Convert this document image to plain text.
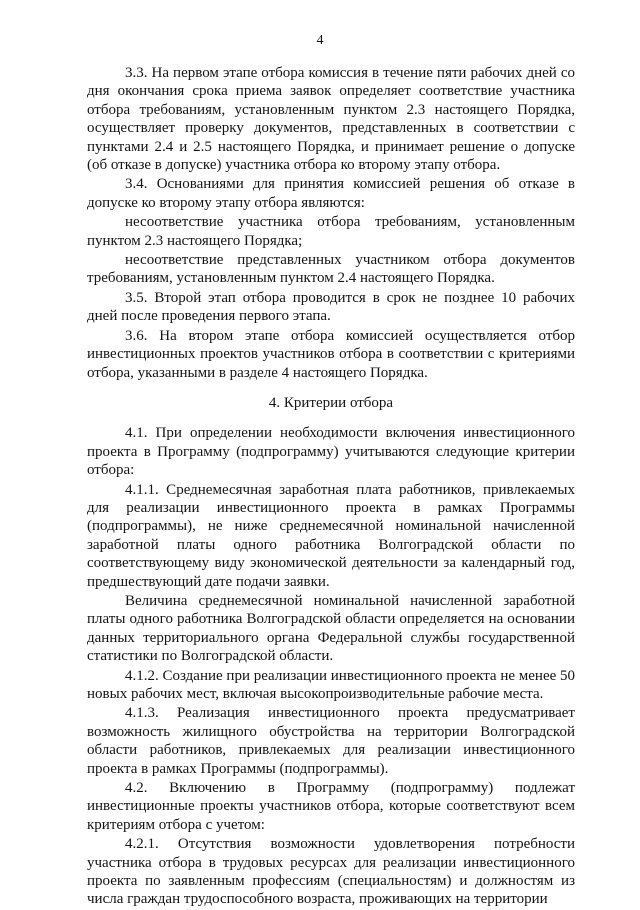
4

3.3. На первом этапе отбора комиссия в течение пяти рабочих дней со дня окончания срока приема заявок определяет соответствие участника отбора требованиям, установленным пунктом 2.3 настоящего Порядка, осуществляет проверку документов, представленных в соответствии с пунктами 2.4 и 2.5 настоящего Порядка, и принимает решение о допуске (об отказе в допуске) участника отбора ко второму этапу отбора.

3.4. Основаниями для принятия комиссией решения об отказе в допуске ко второму этапу отбора являются:

несоответствие участника отбора требованиям, установленным пунктом 2.3 настоящего Порядка;

несоответствие представленных участником отбора документов требованиям, установленным пунктом 2.4 настоящего Порядка.

3.5. Второй этап отбора проводится в срок не позднее 10 рабочих дней после проведения первого этапа.

3.6. На втором этапе отбора комиссией осуществляется отбор инвестиционных проектов участников отбора в соответствии с критериями отбора, указанными в разделе 4 настоящего Порядка.

4. Критерии отбора

4.1. При определении необходимости включения инвестиционного проекта в Программу (подпрограмму) учитываются следующие критерии отбора:

4.1.1. Среднемесячная заработная плата работников, привлекаемых для реализации инвестиционного проекта в рамках Программы (подпрограммы), не ниже среднемесячной номинальной начисленной заработной платы одного работника Волгоградской области по соответствующему виду экономической деятельности за календарный год, предшествующий дате подачи заявки.

Величина среднемесячной номинальной начисленной заработной платы одного работника Волгоградской области определяется на основании данных территориального органа Федеральной службы государственной статистики по Волгоградской области.

4.1.2. Создание при реализации инвестиционного проекта не менее 50 новых рабочих мест, включая высокопроизводительные рабочие места.

4.1.3. Реализация инвестиционного проекта предусматривает возможность жилищного обустройства на территории Волгоградской области работников, привлекаемых для реализации инвестиционного проекта в рамках Программы (подпрограммы).

4.2. Включению в Программу (подпрограмму) подлежат инвестиционные проекты участников отбора, которые соответствуют всем критериям отбора с учетом:

4.2.1. Отсутствия возможности удовлетворения потребности участника отбора в трудовых ресурсах для реализации инвестиционного проекта по заявленным профессиям (специальностям) и должностям из числа граждан трудоспособного возраста, проживающих на территории
